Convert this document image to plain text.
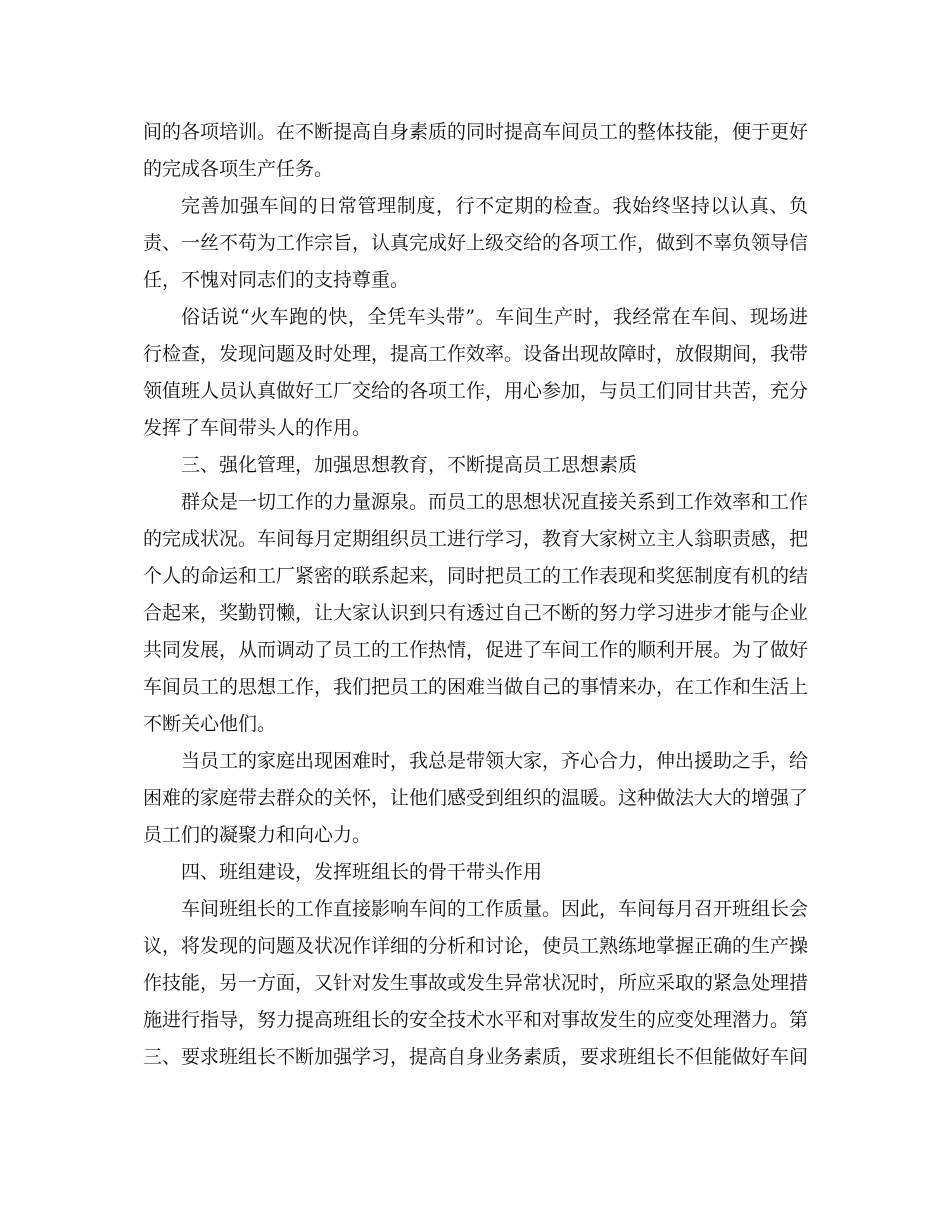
间的各项培训。在不断提高自身素质的同时提高车间员工的整体技能，便于更好的完成各项生产任务。

完善加强车间的日常管理制度，行不定期的检查。我始终坚持以认真、负责、一丝不苟为工作宗旨，认真完成好上级交给的各项工作，做到不辜负领导信任，不愧对同志们的支持尊重。

俗话说“火车跑的快，全凭车头带”。车间生产时，我经常在车间、现场进行检查，发现问题及时处理，提高工作效率。设备出现故障时，放假期间，我带领值班人员认真做好工厂交给的各项工作，用心参加，与员工们同甘共苦，充分发挥了车间带头人的作用。

三、强化管理，加强思想教育，不断提高员工思想素质

群众是一切工作的力量源泉。而员工的思想状况直接关系到工作效率和工作的完成状况。车间每月定期组织员工进行学习，教育大家树立主人翁职责感，把个人的命运和工厂紧密的联系起来，同时把员工的工作表现和奖惩制度有机的结合起来，奖勤罚懒，让大家认识到只有透过自己不断的努力学习进步才能与企业共同发展，从而调动了员工的工作热情，促进了车间工作的顺利开展。为了做好车间员工的思想工作，我们把员工的困难当做自己的事情来办，在工作和生活上不断关心他们。

当员工的家庭出现困难时，我总是带领大家，齐心合力，伸出援助之手，给困难的家庭带去群众的关怀，让他们感受到组织的温暖。这种做法大大的增强了员工们的凝聚力和向心力。

四、班组建设，发挥班组长的骨干带头作用

车间班组长的工作直接影响车间的工作质量。因此，车间每月召开班组长会议，将发现的问题及状况作详细的分析和讨论，使员工熟练地掌握正确的生产操作技能，另一方面，又针对发生事故或发生异常状况时，所应采取的紧急处理措施进行指导，努力提高班组长的安全技术水平和对事故发生的应变处理潜力。第三、要求班组长不断加强学习，提高自身业务素质，要求班组长不但能做好车间
